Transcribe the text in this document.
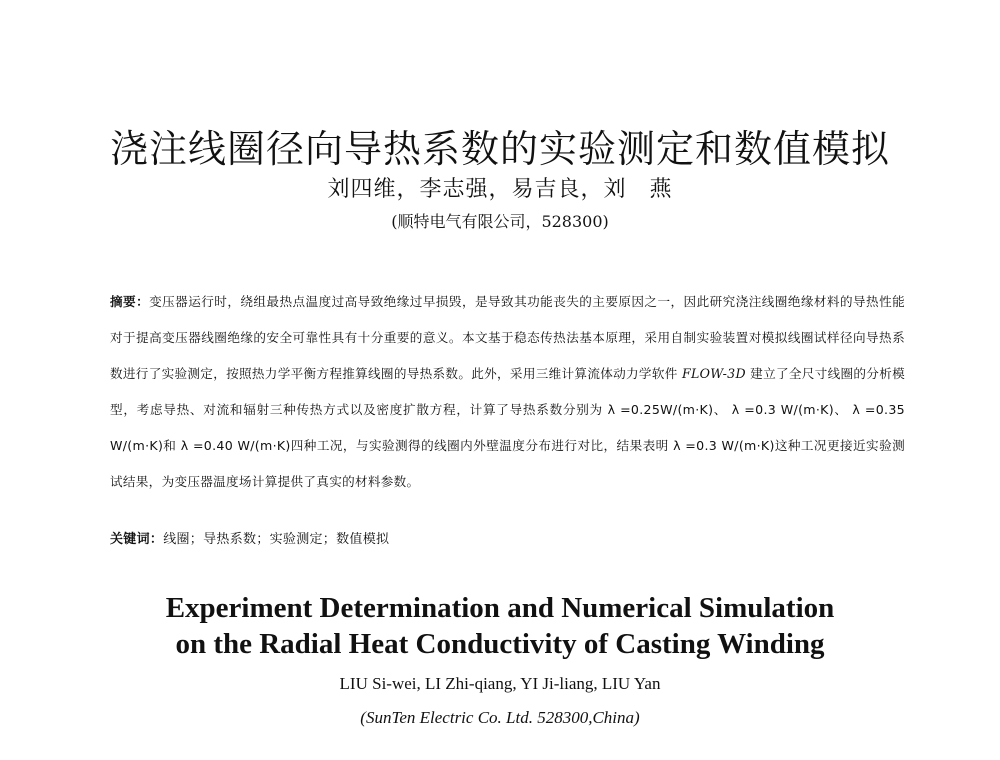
浇注线圈径向导热系数的实验测定和数值模拟
刘四维，李志强，易吉良，刘　燕
(顺特电气有限公司，528300)
摘要：变压器运行时，绕组最热点温度过高导致绝缘过早损毁，是导致其功能丧失的主要原因之一，因此研究浇注线圈绝缘材料的导热性能对于提高变压器线圈绝缘的安全可靠性具有十分重要的意义。本文基于稳态传热法基本原理，采用自制实验装置对模拟线圈试样径向导热系数进行了实验测定，按照热力学平衡方程推算线圈的导热系数。此外，采用三维计算流体动力学软件 FLOW-3D 建立了全尺寸线圈的分析模型，考虑导热、对流和辐射三种传热方式以及密度扩散方程，计算了导热系数分别为 λ =0.25W/(m·K)、 λ =0.3 W/(m·K)、 λ =0.35 W/(m·K)和 λ =0.40 W/(m·K)四种工况，与实验测得的线圈内外壁温度分布进行对比，结果表明 λ =0.3 W/(m·K)这种工况更接近实验测试结果，为变压器温度场计算提供了真实的材料参数。
关键词：线圈；导热系数；实验测定；数值模拟
Experiment Determination and Numerical Simulation
on the Radial Heat Conductivity of Casting Winding
LIU Si-wei, LI Zhi-qiang, YI Ji-liang, LIU Yan
(SunTen Electric Co. Ltd. 528300,China)
